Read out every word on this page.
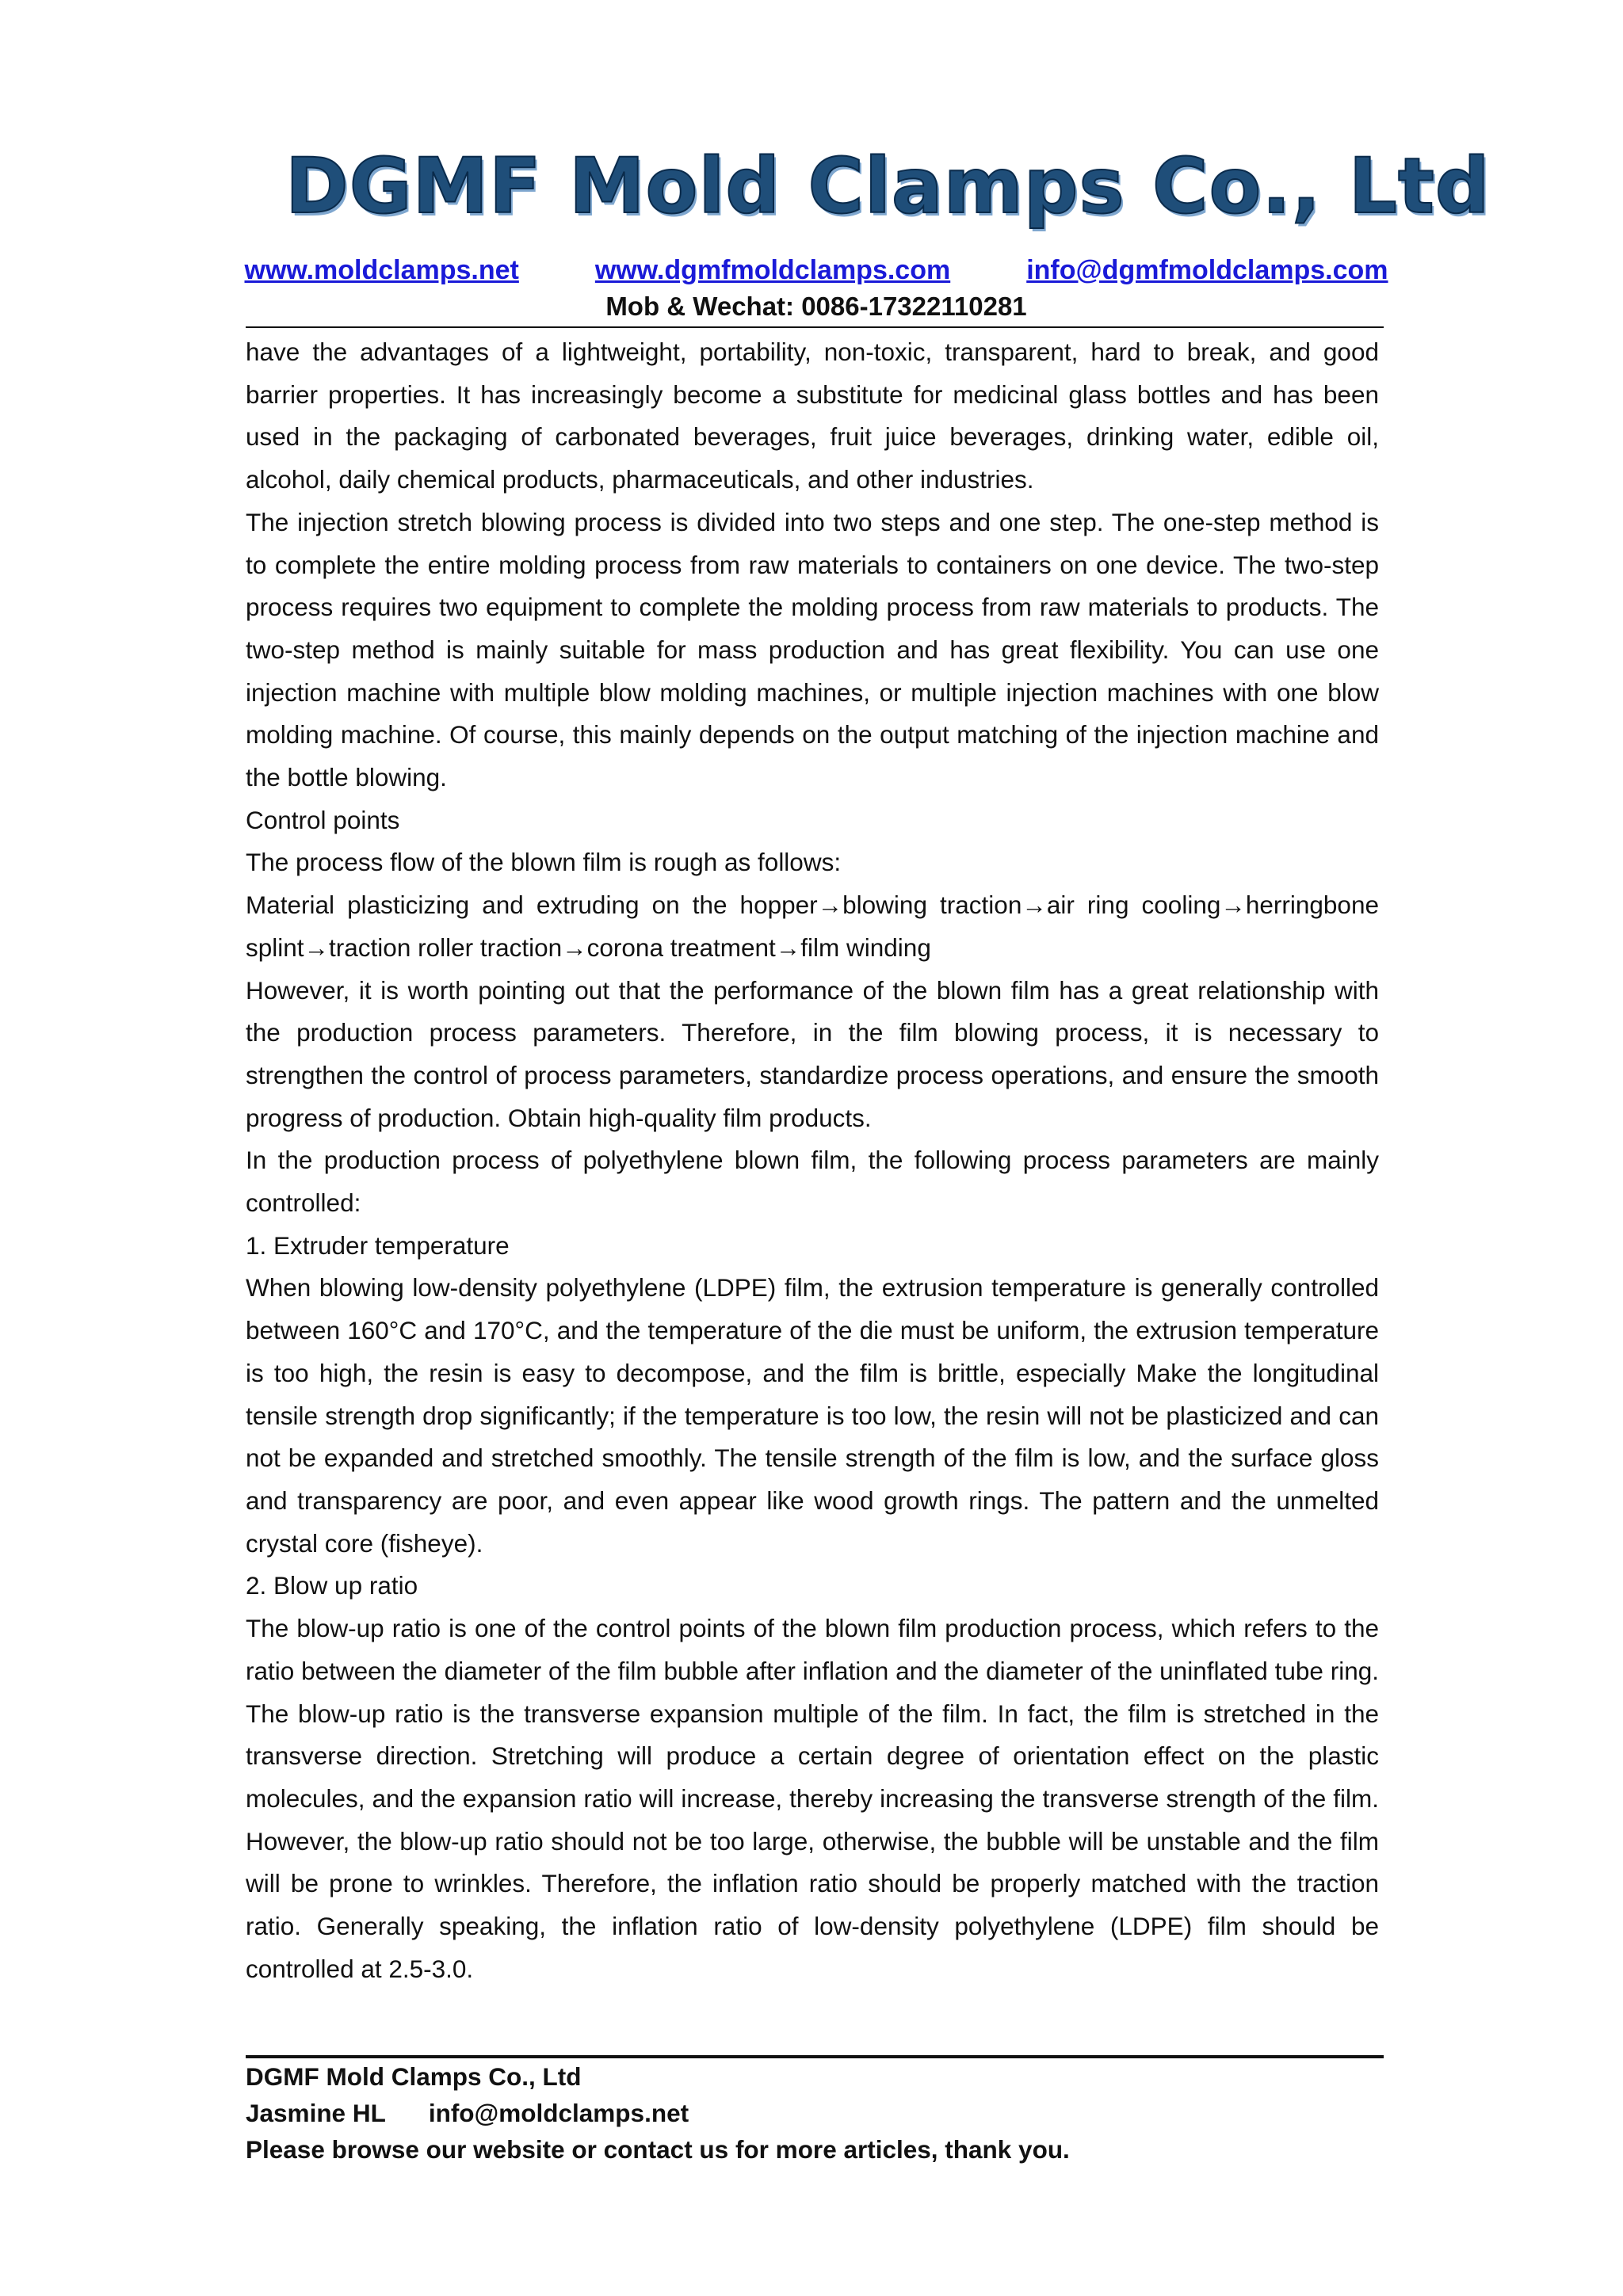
DGMF Mold Clamps Co., Ltd
www.moldclamps.net	www.dgmfmoldclamps.com	info@dgmfmoldclamps.com
Mob & Wechat: 0086-17322110281

have the advantages of a lightweight, portability, non-toxic, transparent, hard to break, and good barrier properties. It has increasingly become a substitute for medicinal glass bottles and has been used in the packaging of carbonated beverages, fruit juice beverages, drinking water, edible oil, alcohol, daily chemical products, pharmaceuticals, and other industries.

The injection stretch blowing process is divided into two steps and one step. The one-step method is to complete the entire molding process from raw materials to containers on one device. The two-step process requires two equipment to complete the molding process from raw materials to products. The two-step method is mainly suitable for mass production and has great flexibility. You can use one injection machine with multiple blow molding machines, or multiple injection machines with one blow molding machine. Of course, this mainly depends on the output matching of the injection machine and the bottle blowing.

Control points

The process flow of the blown film is rough as follows:

Material plasticizing and extruding on the hopper→blowing traction→air ring cooling→herringbone splint→traction roller traction→corona treatment→film winding

However, it is worth pointing out that the performance of the blown film has a great relationship with the production process parameters. Therefore, in the film blowing process, it is necessary to strengthen the control of process parameters, standardize process operations, and ensure the smooth progress of production. Obtain high-quality film products.

In the production process of polyethylene blown film, the following process parameters are mainly controlled:

1. Extruder temperature

When blowing low-density polyethylene (LDPE) film, the extrusion temperature is generally controlled between 160°C and 170°C, and the temperature of the die must be uniform, the extrusion temperature is too high, the resin is easy to decompose, and the film is brittle, especially Make the longitudinal tensile strength drop significantly; if the temperature is too low, the resin will not be plasticized and can not be expanded and stretched smoothly. The tensile strength of the film is low, and the surface gloss and transparency are poor, and even appear like wood growth rings. The pattern and the unmelted crystal core (fisheye).

2. Blow up ratio

The blow-up ratio is one of the control points of the blown film production process, which refers to the ratio between the diameter of the film bubble after inflation and the diameter of the uninflated tube ring. The blow-up ratio is the transverse expansion multiple of the film. In fact, the film is stretched in the transverse direction. Stretching will produce a certain degree of orientation effect on the plastic molecules, and the expansion ratio will increase, thereby increasing the transverse strength of the film. However, the blow-up ratio should not be too large, otherwise, the bubble will be unstable and the film will be prone to wrinkles. Therefore, the inflation ratio should be properly matched with the traction ratio. Generally speaking, the inflation ratio of low-density polyethylene (LDPE) film should be controlled at 2.5-3.0.

DGMF Mold Clamps Co., Ltd
Jasmine HL info@moldclamps.net
Please browse our website or contact us for more articles, thank you.
